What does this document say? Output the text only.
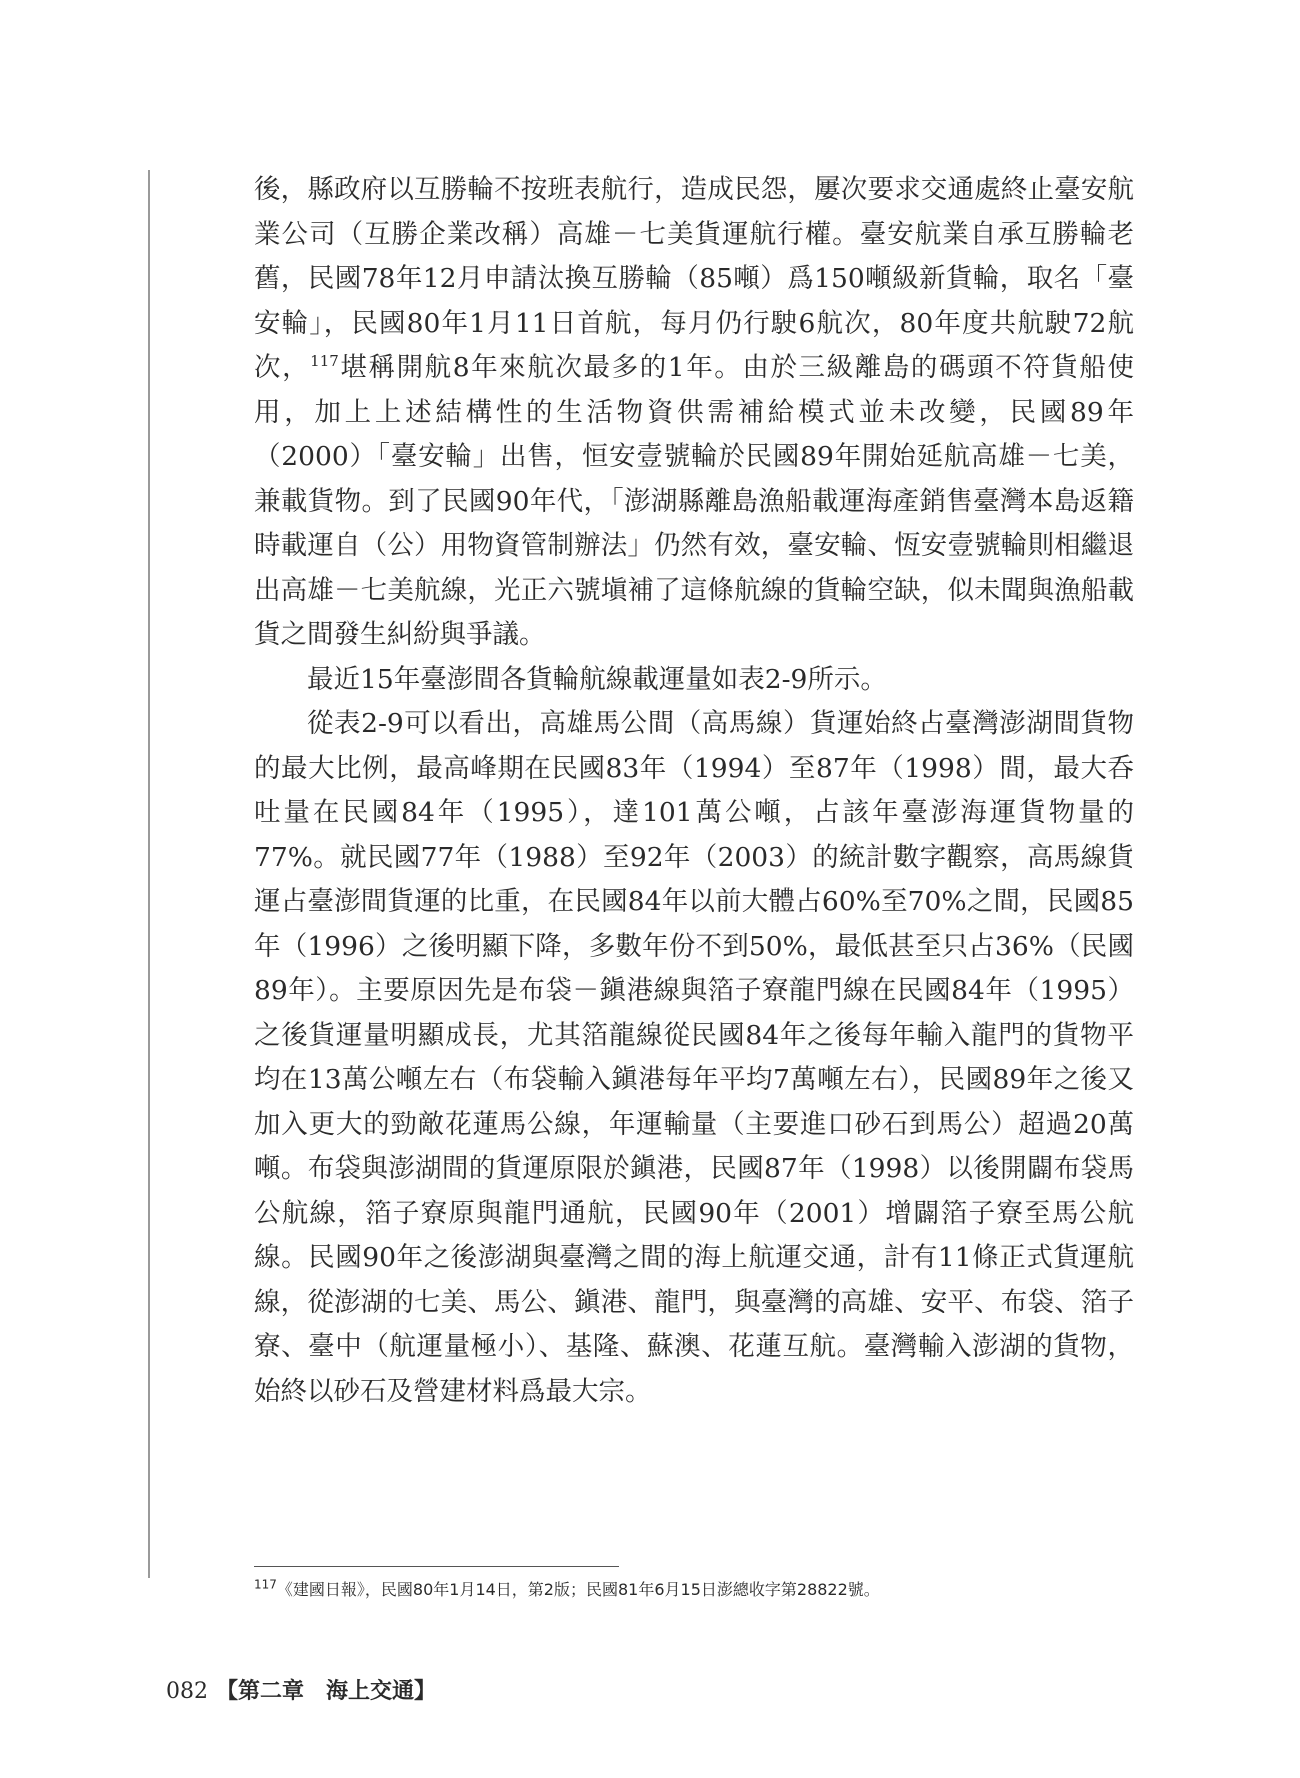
後，縣政府以互勝輪不按班表航行，造成民怨，屢次要求交通處終止臺安航業公司（互勝企業改稱）高雄－七美貨運航行權。臺安航業自承互勝輪老舊，民國78年12月申請汰換互勝輪（85噸）爲150噸級新貨輪，取名「臺安輪」，民國80年1月11日首航，每月仍行駛6航次，80年度共航駛72航次，$^{117}$堪稱開航8年來航次最多的1年。由於三級離島的碼頭不符貨船使用，加上上述結構性的生活物資供需補給模式並未改變，民國89年（2000）「臺安輪」出售，恒安壹號輪於民國89年開始延航高雄－七美，兼載貨物。到了民國90年代，「澎湖縣離島漁船載運海產銷售臺灣本島返籍時載運自（公）用物資管制辦法」仍然有效，臺安輪、恆安壹號輪則相繼退出高雄－七美航線，光正六號塡補了這條航線的貨輪空缺，似未聞與漁船載貨之間發生糾紛與爭議。

最近15年臺澎間各貨輪航線載運量如表2-9所示。

從表2-9可以看出，高雄馬公間（高馬線）貨運始終占臺灣澎湖間貨物的最大比例，最高峰期在民國83年（1994）至87年（1998）間，最大呑吐量在民國84年（1995），達101萬公噸，占該年臺澎海運貨物量的77%。就民國77年（1988）至92年（2003）的統計數字觀察，高馬線貨運占臺澎間貨運的比重，在民國84年以前大體占60%至70%之間，民國85年（1996）之後明顯下降，多數年份不到50%，最低甚至只占36%（民國89年）。主要原因先是布袋－鎭港線與箔子寮龍門線在民國84年（1995）之後貨運量明顯成長，尤其箔龍線從民國84年之後每年輸入龍門的貨物平均在13萬公噸左右（布袋輸入鎭港每年平均7萬噸左右），民國89年之後又加入更大的勁敵花蓮馬公線，年運輸量（主要進口砂石到馬公）超過20萬噸。布袋與澎湖間的貨運原限於鎭港，民國87年（1998）以後開闢布袋馬公航線，箔子寮原與龍門通航，民國90年（2001）增闢箔子寮至馬公航線。民國90年之後澎湖與臺灣之間的海上航運交通，計有11條正式貨運航線，從澎湖的七美、馬公、鎭港、龍門，與臺灣的高雄、安平、布袋、箔子寮、臺中（航運量極小）、基隆、蘇澳、花蓮互航。臺灣輸入澎湖的貨物，始終以砂石及營建材料爲最大宗。

$^{117}$《建國日報》，民國80年1月14日，第2版；民國81年6月15日澎總收字第28822號。
082 【第二章　海上交通】
